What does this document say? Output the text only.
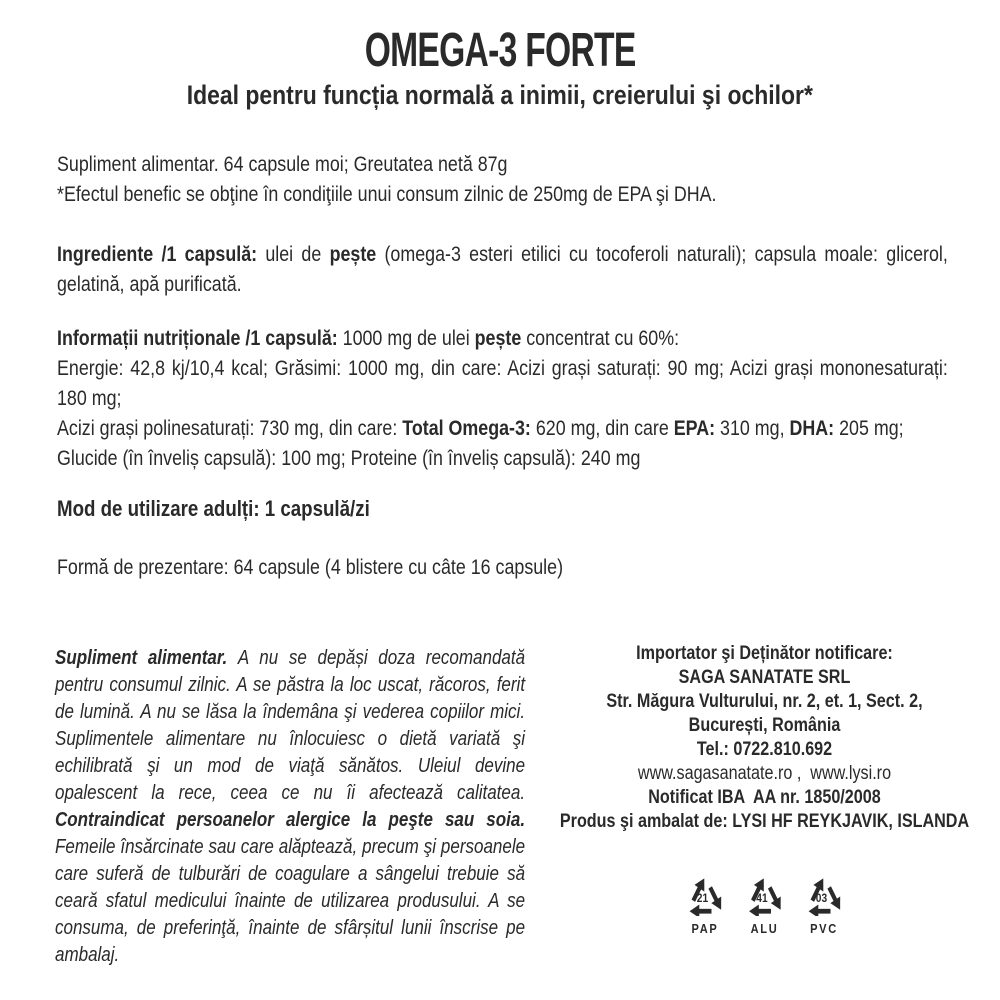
OMEGA-3 FORTE
Ideal pentru funcția normală a inimii, creierului şi ochilor*
Supliment alimentar. 64 capsule moi; Greutatea netă 87g
*Efectul benefic se obţine în condiţiile unui consum zilnic de 250mg de EPA şi DHA.
Ingrediente /1 capsulă: ulei de pește (omega-3 esteri etilici cu tocoferoli naturali); capsula moale: glicerol, gelatină, apă purificată.
Informații nutriționale /1 capsulă: 1000 mg de ulei pește concentrat cu 60%:
Energie: 42,8 kj/10,4 kcal; Grăsimi: 1000 mg, din care: Acizi grași saturați: 90 mg; Acizi grași mononesaturați: 180 mg;
Acizi grași polinesaturați: 730 mg, din care: Total Omega-3: 620 mg, din care EPA: 310 mg, DHA: 205 mg;
Glucide (în înveliș capsulă): 100 mg; Proteine (în înveliș capsulă): 240 mg
Mod de utilizare adulți: 1 capsulă/zi
Formă de prezentare: 64 capsule (4 blistere cu câte 16 capsule)
Supliment alimentar. A nu se depăși doza recomandată pentru consumul zilnic. A se păstra la loc uscat, răcoros, ferit de lumină. A nu se lăsa la îndemâna şi vederea copiilor mici. Suplimentele alimentare nu înlocuiesc o dietă variată şi echilibrată şi un mod de viaţă sănătos. Uleiul devine opalescent la rece, ceea ce nu îi afectează calitatea. Contraindicat persoanelor alergice la peşte sau soia. Femeile însărcinate sau care alăptează, precum şi persoanele care suferă de tulburări de coagulare a sângelui trebuie să ceară sfatul medicului înainte de utilizarea produsului. A se consuma, de preferinţă, înainte de sfârșitul lunii înscrise pe ambalaj.
Importator şi Deținător notificare:
SAGA SANATATE SRL
Str. Măgura Vulturului, nr. 2, et. 1, Sect. 2,
București, România
Tel.: 0722.810.692
www.sagasanatate.ro ,  www.lysi.ro
Notificat IBA  AA nr. 1850/2008
Produs şi ambalat de: LYSI HF REYKJAVIK, ISLANDA
21
PAP
41
ALU
03
PVC
